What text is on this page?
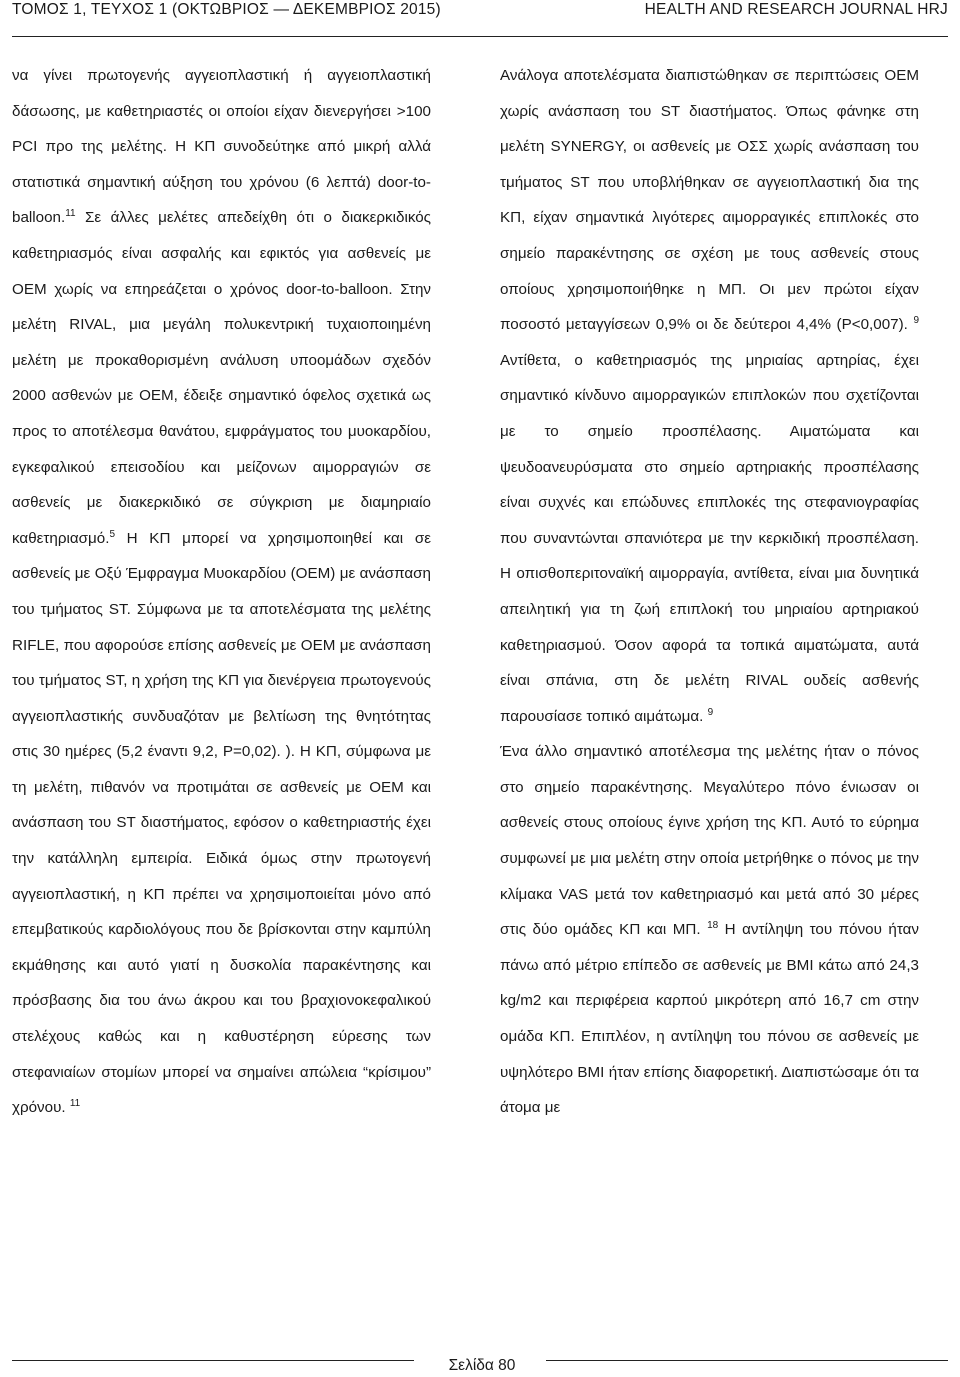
ΤΟΜΟΣ 1, ΤΕΥΧΟΣ 1 (ΟΚΤΩΒΡΙΟΣ — ΔΕΚΕΜΒΡΙΟΣ 2015)	HEALTH AND RESEARCH JOURNAL HRJ

να γίνει πρωτογενής αγγειοπλαστική ή αγγειοπλαστική δάσωσης, με καθετηριαστές οι οποίοι είχαν διενεργήσει >100 PCI προ της μελέτης. Η ΚΠ συνοδεύτηκε από μικρή αλλά στατιστικά σημαντική αύξηση του χρόνου (6 λεπτά) door-to-balloon.$^{11}$ Σε άλλες μελέτες απεδείχθη ότι ο διακερκιδικός καθετηριασμός είναι ασφαλής και εφικτός για ασθενείς με ΟΕΜ χωρίς να επηρεάζεται ο χρόνος door-to-balloon. Στην μελέτη RIVAL, μια μεγάλη πολυκεντρική τυχαιοποιημένη μελέτη με προκαθορισμένη ανάλυση υποομάδων σχεδόν 2000 ασθενών με ΟΕΜ, έδειξε σημαντικό όφελος σχετικά ως προς το αποτέλεσμα θανάτου, εμφράγματος του μυοκαρδίου, εγκεφαλικού επεισοδίου και μείζονων αιμορραγιών σε ασθενείς με διακερκιδικό σε σύγκριση με διαμηριαίο καθετηριασμό.$^5$ Η ΚΠ μπορεί να χρησιμοποιηθεί και σε ασθενείς με Οξύ Έμφραγμα Μυοκαρδίου (ΟΕΜ) με ανάσπαση του τμήματος ST. Σύμφωνα με τα αποτελέσματα της μελέτης RIFLE, που αφορούσε επίσης ασθενείς με ΟΕΜ με ανάσπαση του τμήματος ST, η χρήση της ΚΠ για διενέργεια πρωτογενούς αγγειοπλαστικής συνδυαζόταν με βελτίωση της θνητότητας στις 30 ημέρες (5,2 έναντι 9,2, P=0,02). ). Η ΚΠ, σύμφωνα με τη μελέτη, πιθανόν να προτιμάται σε ασθενείς με ΟΕΜ και ανάσπαση του ST διαστήματος, εφόσον ο καθετηριαστής έχει την κατάλληλη εμπειρία. Ειδικά όμως στην πρωτογενή αγγειοπλαστική, η ΚΠ πρέπει να χρησιμοποιείται μόνο από επεμβατικούς καρδιολόγους που δε βρίσκονται στην καμπύλη εκμάθησης και αυτό γιατί η δυσκολία παρακέντησης και πρόσβασης δια του άνω άκρου και του βραχιονοκεφαλικού στελέχους καθώς και η καθυστέρηση εύρεσης των στεφανιαίων στομίων μπορεί να σημαίνει απώλεια “κρίσιμου” χρόνου. $^{11}$

Ανάλογα αποτελέσματα διαπιστώθηκαν σε περιπτώσεις ΟΕΜ χωρίς ανάσπαση του ST διαστήματος. Όπως φάνηκε στη μελέτη SYNERGY, οι ασθενείς με ΟΣΣ χωρίς ανάσπαση του τμήματος ST που υποβλήθηκαν σε αγγειοπλαστική δια της ΚΠ, είχαν σημαντικά λιγότερες αιμορραγικές επιπλοκές στο σημείο παρακέντησης σε σχέση με τους ασθενείς στους οποίους χρησιμοποιήθηκε η ΜΠ. Οι μεν πρώτοι είχαν ποσοστό μεταγγίσεων 0,9% οι δε δεύτεροι 4,4% (P<0,007). $^9$ Αντίθετα, ο καθετηριασμός της μηριαίας αρτηρίας, έχει σημαντικό κίνδυνο αιμορραγικών επιπλοκών που σχετίζονται με το σημείο προσπέλασης. Αιματώματα και ψευδοανευρύσματα στο σημείο αρτηριακής προσπέλασης είναι συχνές και επώδυνες επιπλοκές της στεφανιογραφίας που συναντώνται σπανιότερα με την κερκιδική προσπέλαση. Η οπισθοπεριτοναϊκή αιμορραγία, αντίθετα, είναι μια δυνητικά απειλητική για τη ζωή επιπλοκή του μηριαίου αρτηριακού καθετηριασμού. Όσον αφορά τα τοπικά αιματώματα, αυτά είναι σπάνια, στη δε μελέτη RIVAL ουδείς ασθενής παρουσίασε τοπικό αιμάτωμα. $^9$

Ένα άλλο σημαντικό αποτέλεσμα της μελέτης ήταν ο πόνος στο σημείο παρακέντησης. Μεγαλύτερο πόνο ένιωσαν οι ασθενείς στους οποίους έγινε χρήση της ΚΠ. Αυτό το εύρημα συμφωνεί με μια μελέτη στην οποία μετρήθηκε ο πόνος με την κλίμακα VAS μετά τον καθετηριασμό και μετά από 30 μέρες στις δύο ομάδες ΚΠ και ΜΠ. $^{18}$ Η αντίληψη του πόνου ήταν πάνω από μέτριο επίπεδο σε ασθενείς με BMI κάτω από 24,3 kg/m2 και περιφέρεια καρπού μικρότερη από 16,7 cm στην ομάδα ΚΠ. Επιπλέον, η αντίληψη του πόνου σε ασθενείς με υψηλότερο BMI ήταν επίσης διαφορετική. Διαπιστώσαμε ότι τα άτομα με

Σελίδα 80
